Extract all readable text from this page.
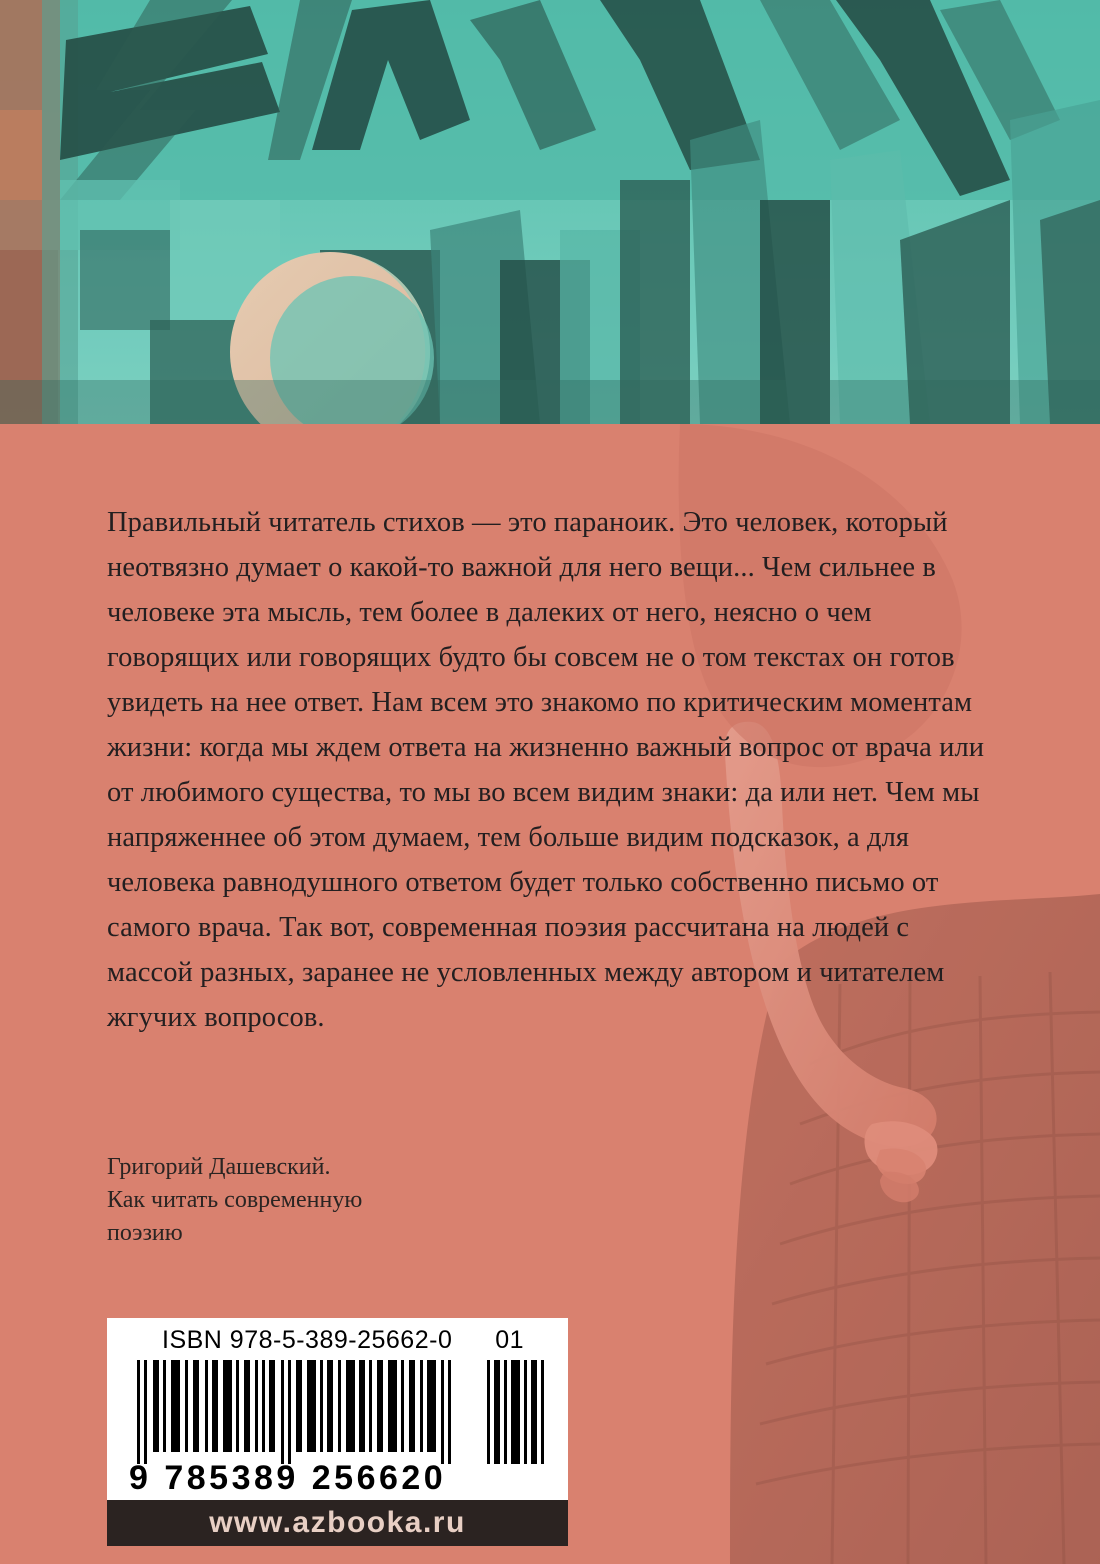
Правильный читатель стихов — это параноик. Это человек, который неотвязно думает о какой-то важной для него вещи... Чем сильнее в человеке эта мысль, тем более в далеких от него, неясно о чем говорящих или говорящих будто бы совсем не о том текстах он готов увидеть на нее ответ. Нам всем это знакомо по критическим моментам жизни: когда мы ждем ответа на жизненно важный вопрос от врача или от любимого существа, то мы во всем видим знаки: да или нет. Чем мы напряженнее об этом думаем, тем больше видим подсказок, а для человека равнодушного ответом будет только собственно письмо от самого врача. Так вот, современная поэзия рассчитана на людей с массой разных, заранее не условленных между автором и читателем жгучих вопросов.

Григорий Дашевский.
Как читать современную
поэзию
ISBN 978-5-389-25662-0 01
9 785389 256620
www.azbooka.ru
